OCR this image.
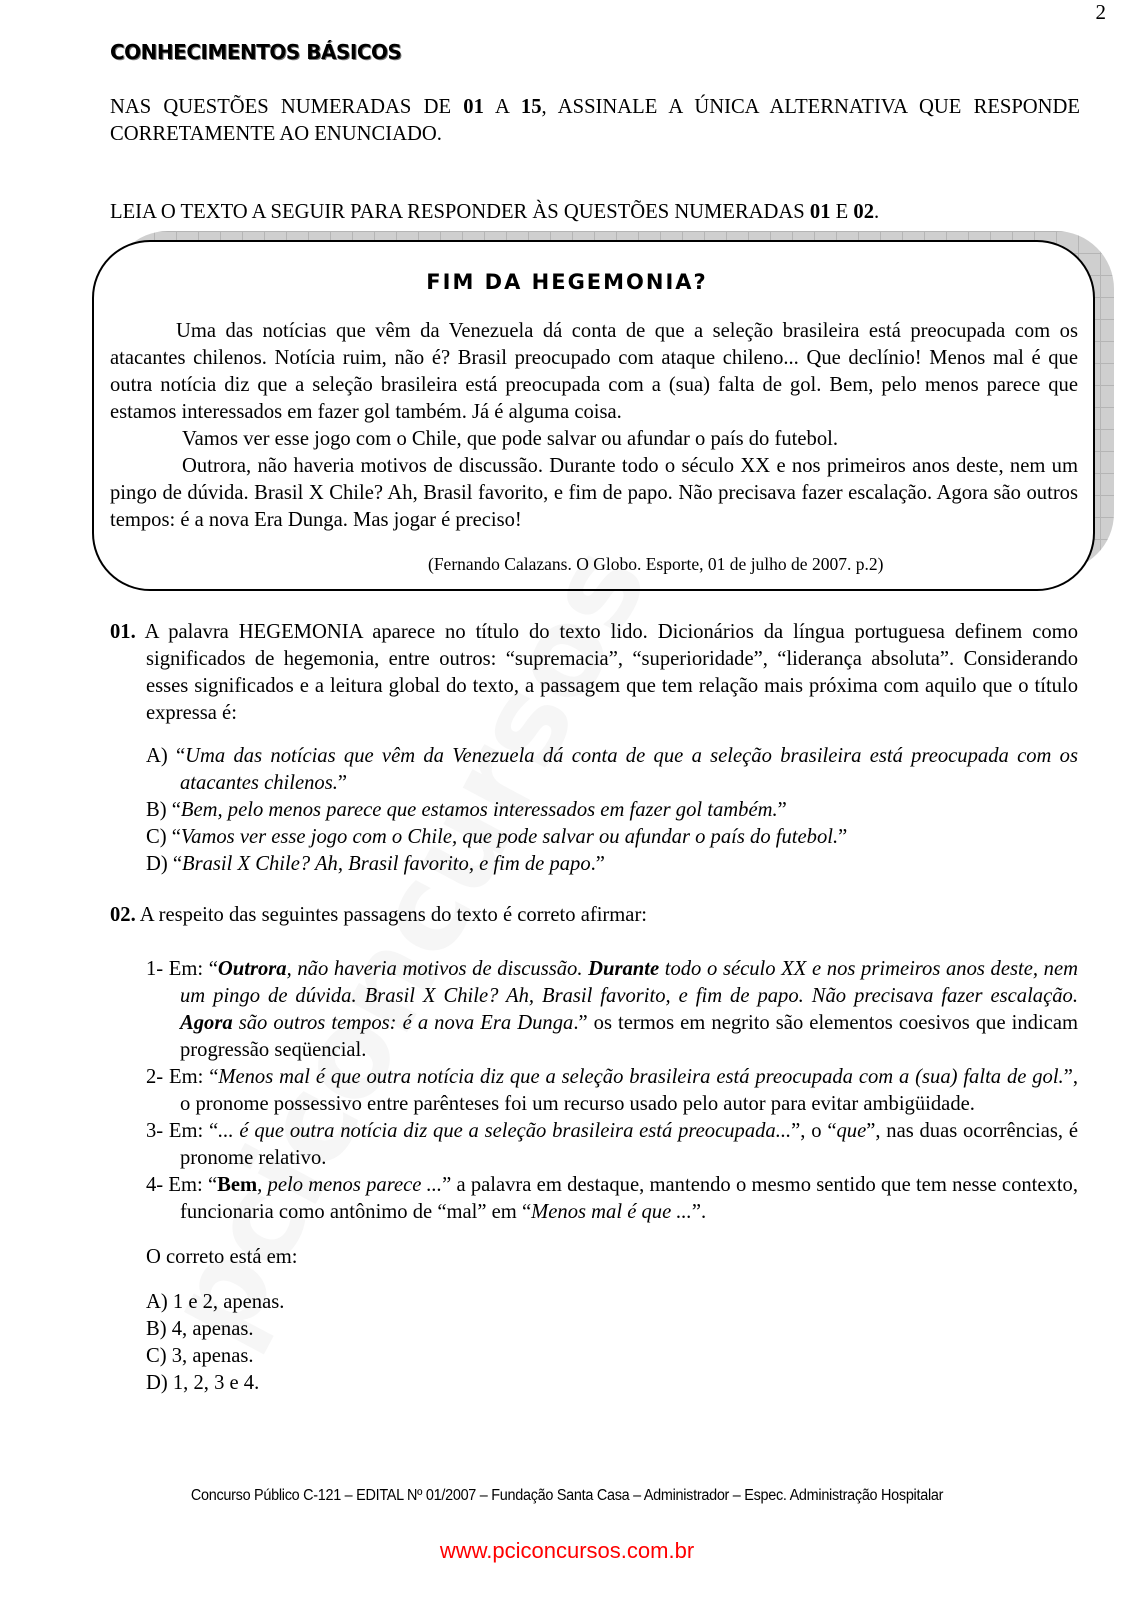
2
CONHECIMENTOS BÁSICOS
NAS QUESTÕES NUMERADAS DE 01 A 15, ASSINALE A ÚNICA ALTERNATIVA QUE RESPONDE CORRETAMENTE AO ENUNCIADO.
LEIA O TEXTO A SEGUIR PARA RESPONDER ÀS QUESTÕES NUMERADAS 01 E 02.
FIM DA HEGEMONIA?

Uma das notícias que vêm da Venezuela dá conta de que a seleção brasileira está preocupada com os atacantes chilenos. Notícia ruim, não é? Brasil preocupado com ataque chileno... Que declínio! Menos mal é que outra notícia diz que a seleção brasileira está preocupada com a (sua) falta de gol. Bem, pelo menos parece que estamos interessados em fazer gol também. Já é alguma coisa.

Vamos ver esse jogo com o Chile, que pode salvar ou afundar o país do futebol.

Outrora, não haveria motivos de discussão. Durante todo o século XX e nos primeiros anos deste, nem um pingo de dúvida. Brasil X Chile? Ah, Brasil favorito, e fim de papo. Não precisava fazer escalação. Agora são outros tempos: é a nova Era Dunga. Mas jogar é preciso!

(Fernando Calazans. O Globo. Esporte, 01 de julho de 2007. p.2)
01. A palavra HEGEMONIA aparece no título do texto lido. Dicionários da língua portuguesa definem como significados de hegemonia, entre outros: “supremacia”, “superioridade”, “liderança absoluta”. Considerando esses significados e a leitura global do texto, a passagem que tem relação mais próxima com aquilo que o título expressa é:
A) “Uma das notícias que vêm da Venezuela dá conta de que a seleção brasileira está preocupada com os atacantes chilenos.”
B) “Bem, pelo menos parece que estamos interessados em fazer gol também.”
C) “Vamos ver esse jogo com o Chile, que pode salvar ou afundar o país do futebol.”
D) “Brasil X Chile? Ah, Brasil favorito, e fim de papo.”
02. A respeito das seguintes passagens do texto é correto afirmar:
1- Em: “Outrora, não haveria motivos de discussão. Durante todo o século XX e nos primeiros anos deste, nem um pingo de dúvida. Brasil X Chile? Ah, Brasil favorito, e fim de papo. Não precisava fazer escalação. Agora são outros tempos: é a nova Era Dunga.” os termos em negrito são elementos coesivos que indicam progressão seqüencial.
2- Em: “Menos mal é que outra notícia diz que a seleção brasileira está preocupada com a (sua) falta de gol.”, o pronome possessivo entre parênteses foi um recurso usado pelo autor para evitar ambigüidade.
3- Em: “... é que outra notícia diz que a seleção brasileira está preocupada...”, o “que”, nas duas ocorrências, é pronome relativo.
4- Em: “Bem, pelo menos parece ...” a palavra em destaque, mantendo o mesmo sentido que tem nesse contexto, funcionaria como antônimo de “mal” em “Menos mal é que ...”.
O correto está em:
A) 1 e 2, apenas.
B) 4, apenas.
C) 3, apenas.
D) 1, 2, 3 e 4.
Concurso Público C-121 – EDITAL Nº 01/2007 – Fundação Santa Casa – Administrador – Espec. Administração Hospitalar
www.pciconcursos.com.br
